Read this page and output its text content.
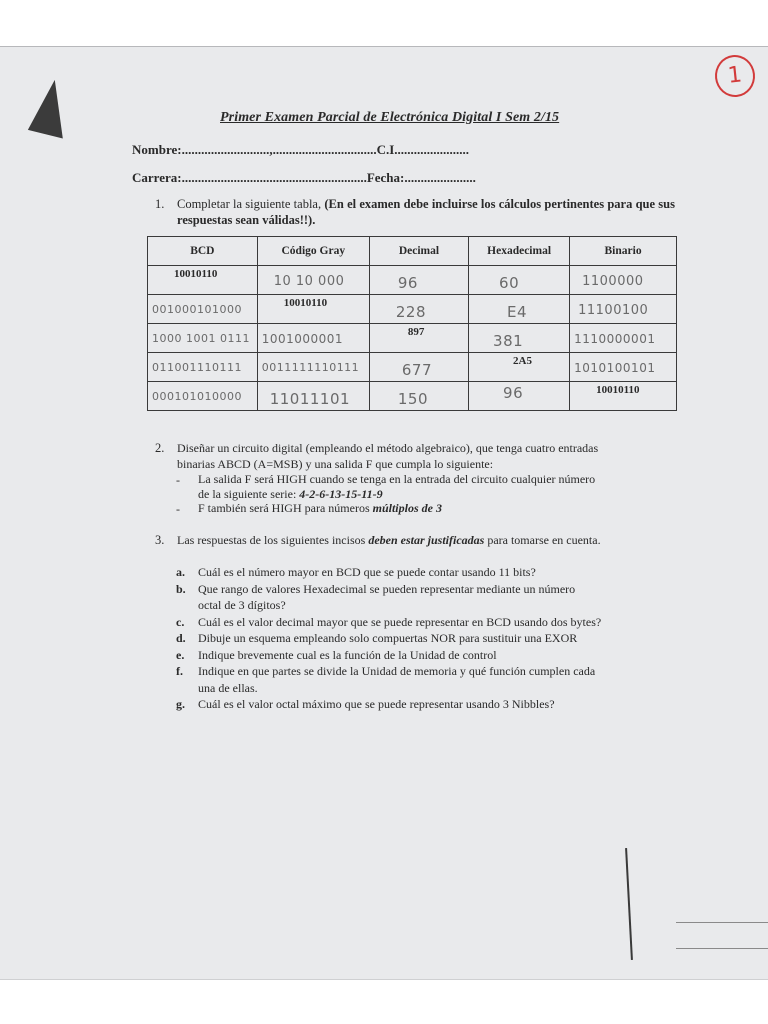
1
Primer Examen Parcial de Electrónica Digital I Sem 2/15
Nombre:...........................,................................C.I.......................
Carrera:.........................................................Fecha:......................
1. Completar la siguiente tabla, (En el examen debe incluirse los cálculos pertinentes para que sus respuestas sean válidas!!).
BCD	Código Gray	Decimal	Hexadecimal	Binario

10010110	10 10 000	96	60	1100000

001000101000	10010110	228	E4	11100100

1000 1001 0111	1001000001	897	381	1110000001

011001110111	0011111110111	677	2A5	1010100101

000101010000	11011101	150	96	10010110
2. Diseñar un circuito digital (empleando el método algebraico), que tenga cuatro entradas
binarias ABCD (A=MSB) y una salida F que cumpla lo siguiente:
- La salida F será HIGH cuando se tenga en la entrada del circuito cualquier número
de la siguiente serie: 4-2-6-13-15-11-9
- F también será HIGH para números múltiplos de 3
3. Las respuestas de los siguientes incisos deben estar justificadas para tomarse en cuenta.
a.	Cuál es el número mayor en BCD que se puede contar usando 11 bits?
b.	Que rango de valores Hexadecimal se pueden representar mediante un número
octal de 3 dígitos?
c.	Cuál es el valor decimal mayor que se puede representar en BCD usando dos bytes?
d.	Dibuje un esquema empleando solo compuertas NOR para sustituir una EXOR
e.	Indique brevemente cual es la función de la Unidad de control
f.	Indique en que partes se divide la Unidad de memoria y qué función cumplen cada
una de ellas.
g.	Cuál es el valor octal máximo que se puede representar usando 3 Nibbles?
